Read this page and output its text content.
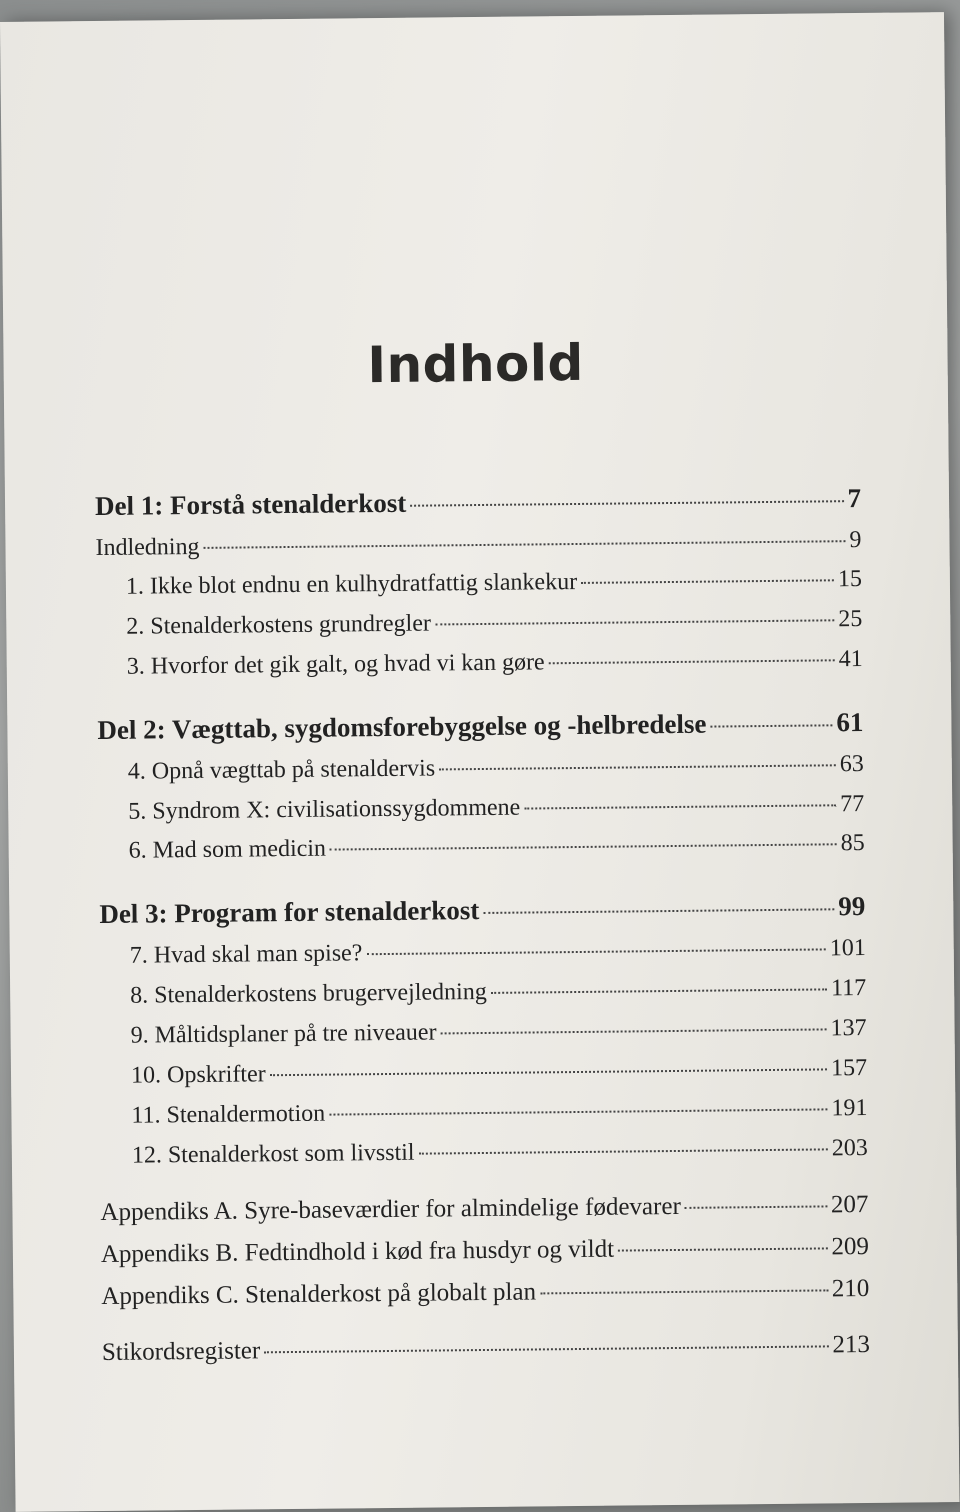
Indhold
Del 1: Forstå stenalderkost	7
Indledning	9
1. Ikke blot endnu en kulhydratfattig slankekur	15
2. Stenalderkostens grundregler	25
3. Hvorfor det gik galt, og hvad vi kan gøre	41
Del 2: Vægttab, sygdomsforebyggelse og -helbredelse	61
4. Opnå vægttab på stenaldervis	63
5. Syndrom X: civilisationssygdommene	77
6. Mad som medicin	85
Del 3: Program for stenalderkost	99
7. Hvad skal man spise?	101
8. Stenalderkostens brugervejledning	117
9. Måltidsplaner på tre niveauer	137
10. Opskrifter	157
11. Stenaldermotion	191
12. Stenalderkost som livsstil	203
Appendiks A. Syre-baseværdier for almindelige fødevarer	207
Appendiks B. Fedtindhold i kød fra husdyr og vildt	209
Appendiks C. Stenalderkost på globalt plan	210
Stikordsregister	213
